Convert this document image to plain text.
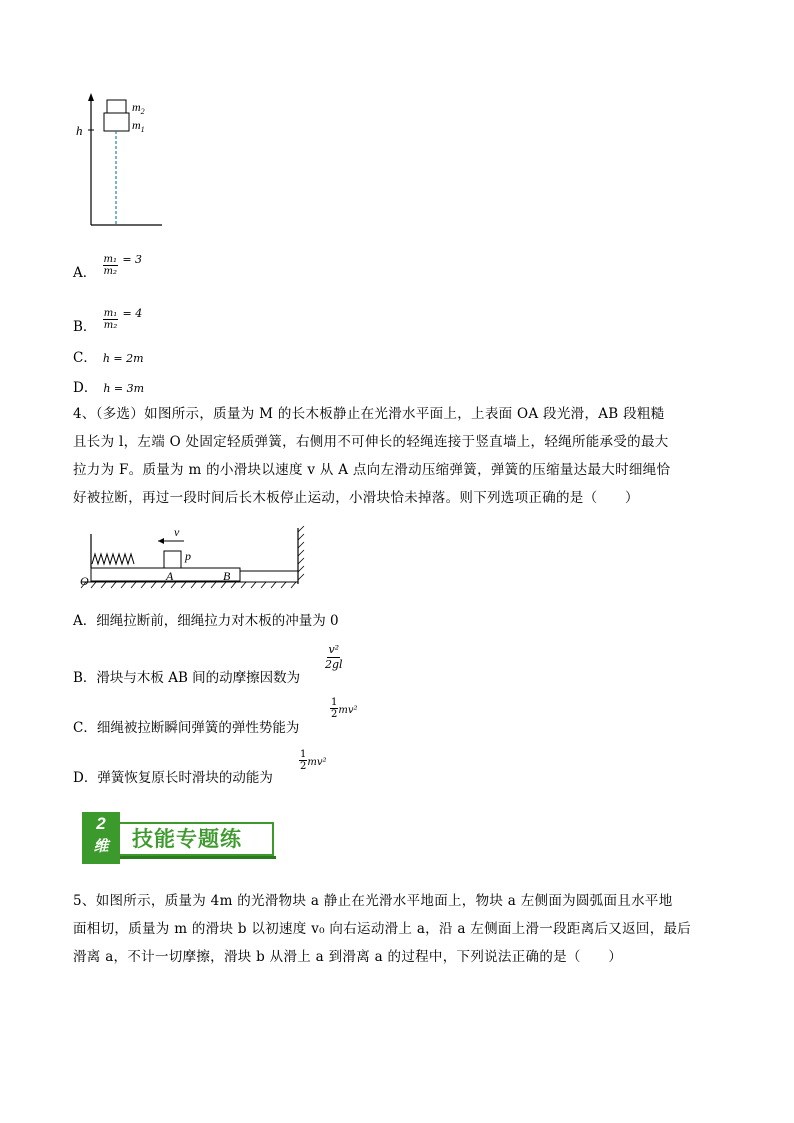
h
$m_2$
$m_1$
A． $\frac{\text{m₁}}{\text{m₂}} ^{= 3}$
B． $\frac{\text{m₁}}{\text{m₂}} ^{= 4}$
C． h = 2m
D． h = 3m
4、（多选）如图所示，质量为 M 的长木板静止在光滑水平面上，上表面 OA 段光滑，AB 段粗糙
且长为 l，左端 O 处固定轻质弹簧，右侧用不可伸长的轻绳连接于竖直墙上，轻绳所能承受的最大
拉力为 F。质量为 m 的小滑块以速度 v 从 A 点向左滑动压缩弹簧，弹簧的压缩量达最大时细绳恰
好被拉断，再过一段时间后长木板停止运动，小滑块恰未掉落。则下列选项正确的是（　　）
v
p
O	A	B
A．细绳拉断前，细绳拉力对木板的冲量为 0
B．滑块与木板 AB 间的动摩擦因数为
$\frac{\text{v²}}{2gl}$
C．细绳被拉断瞬间弹簧的弹性势能为
$\frac{1}{2} mv^2$
D．弹簧恢复原长时滑块的动能为
$\frac{1}{2} mv^2$
2
维	技能专题练
5、如图所示，质量为 4m 的光滑物块 a 静止在光滑水平地面上，物块 a 左侧面为圆弧面且水平地
面相切，质量为 m 的滑块 b 以初速度 v₀ 向右运动滑上 a，沿 a 左侧面上滑一段距离后又返回，最后
滑离 a，不计一切摩擦，滑块 b 从滑上 a 到滑离 a 的过程中，下列说法正确的是（　　）
